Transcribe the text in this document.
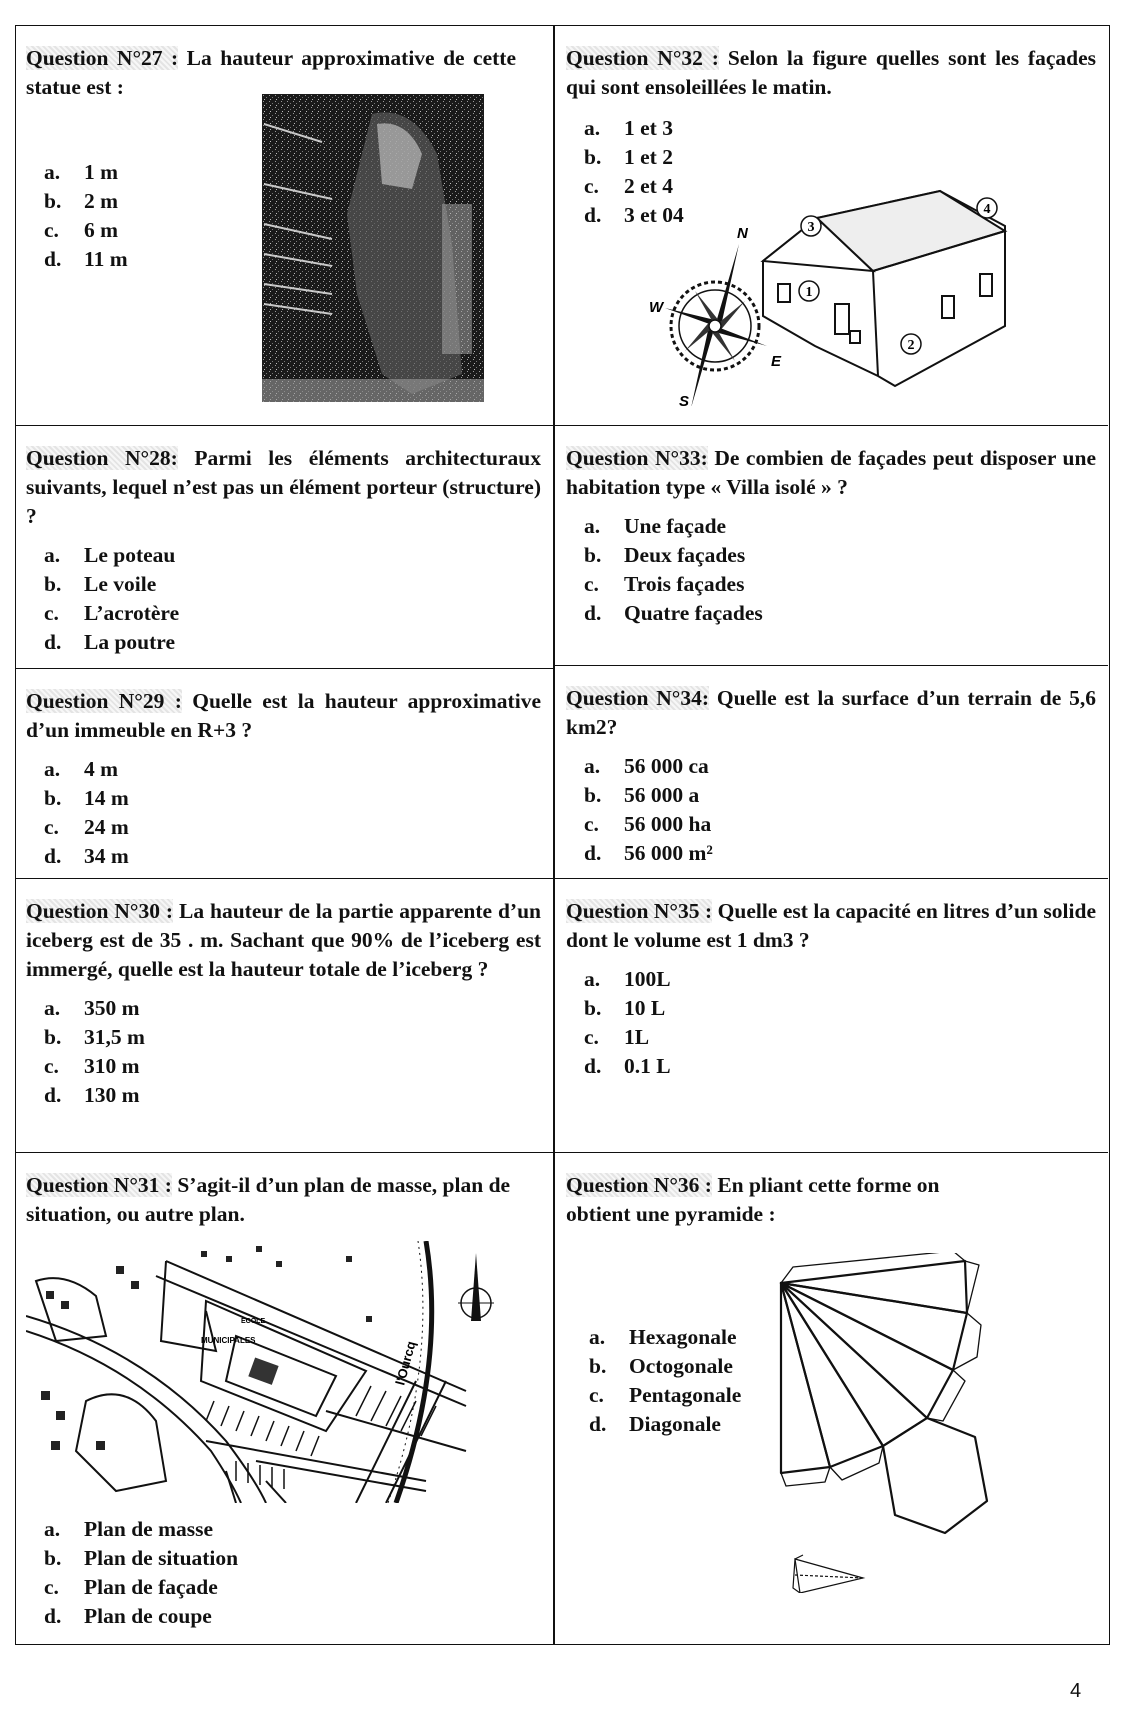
Question N°27 : La hauteur approximative de cette statue est :

a.	1 m
b.	2 m
c.	6 m
d.	11 m

Question N°28: Parmi les éléments architecturaux suivants, lequel n’est pas un élément porteur (structure) ?

a.	Le poteau
b.	Le voile
c.	L’acrotère
d.	La poutre

Question N°29 : Quelle est la hauteur approximative d’un immeuble en R+3 ?

a.	4 m
b.	14 m
c.	24 m
d.	34 m

Question N°30 : La hauteur de la partie apparente d’un iceberg est de 35 . m. Sachant que 90% de l’iceberg est immergé, quelle est la hauteur totale de l’iceberg ?

a.	350 m
b.	31,5 m
c.	310 m
d.	130 m

Question N°31 : S’agit-il d’un plan de masse, plan de situation, ou autre plan.

MUNICIPALES
ECOLE
l'Ourcq
a.	Plan de masse
b.	Plan de situation
c.	Plan de façade
d.	Plan de coupe

Question N°32 : Selon la figure quelles sont les façades qui sont ensoleillées le matin.

a.	1 et 3
b.	1 et 2
c.	2 et 4
d.	3 et 04
N
W
E
S
1
2
3
4

Question N°33: De combien de façades peut disposer une habitation type « Villa isolé » ?

a.	Une façade
b.	Deux façades
c.	Trois façades
d.	Quatre façades

Question N°34: Quelle est la surface d’un terrain de 5,6 km2?

a.	56 000 ca
b.	56 000 a
c.	56 000 ha
d.	56 000 m²

Question N°35 : Quelle est la capacité en litres d’un solide dont le volume est 1 dm3 ?

a.	100L
b.	10 L
c.	1L
d.	0.1 L

Question N°36 : En pliant cette forme on obtient une pyramide :

a.	Hexagonale
b.	Octogonale
c.	Pentagonale
d.	Diagonale
4
